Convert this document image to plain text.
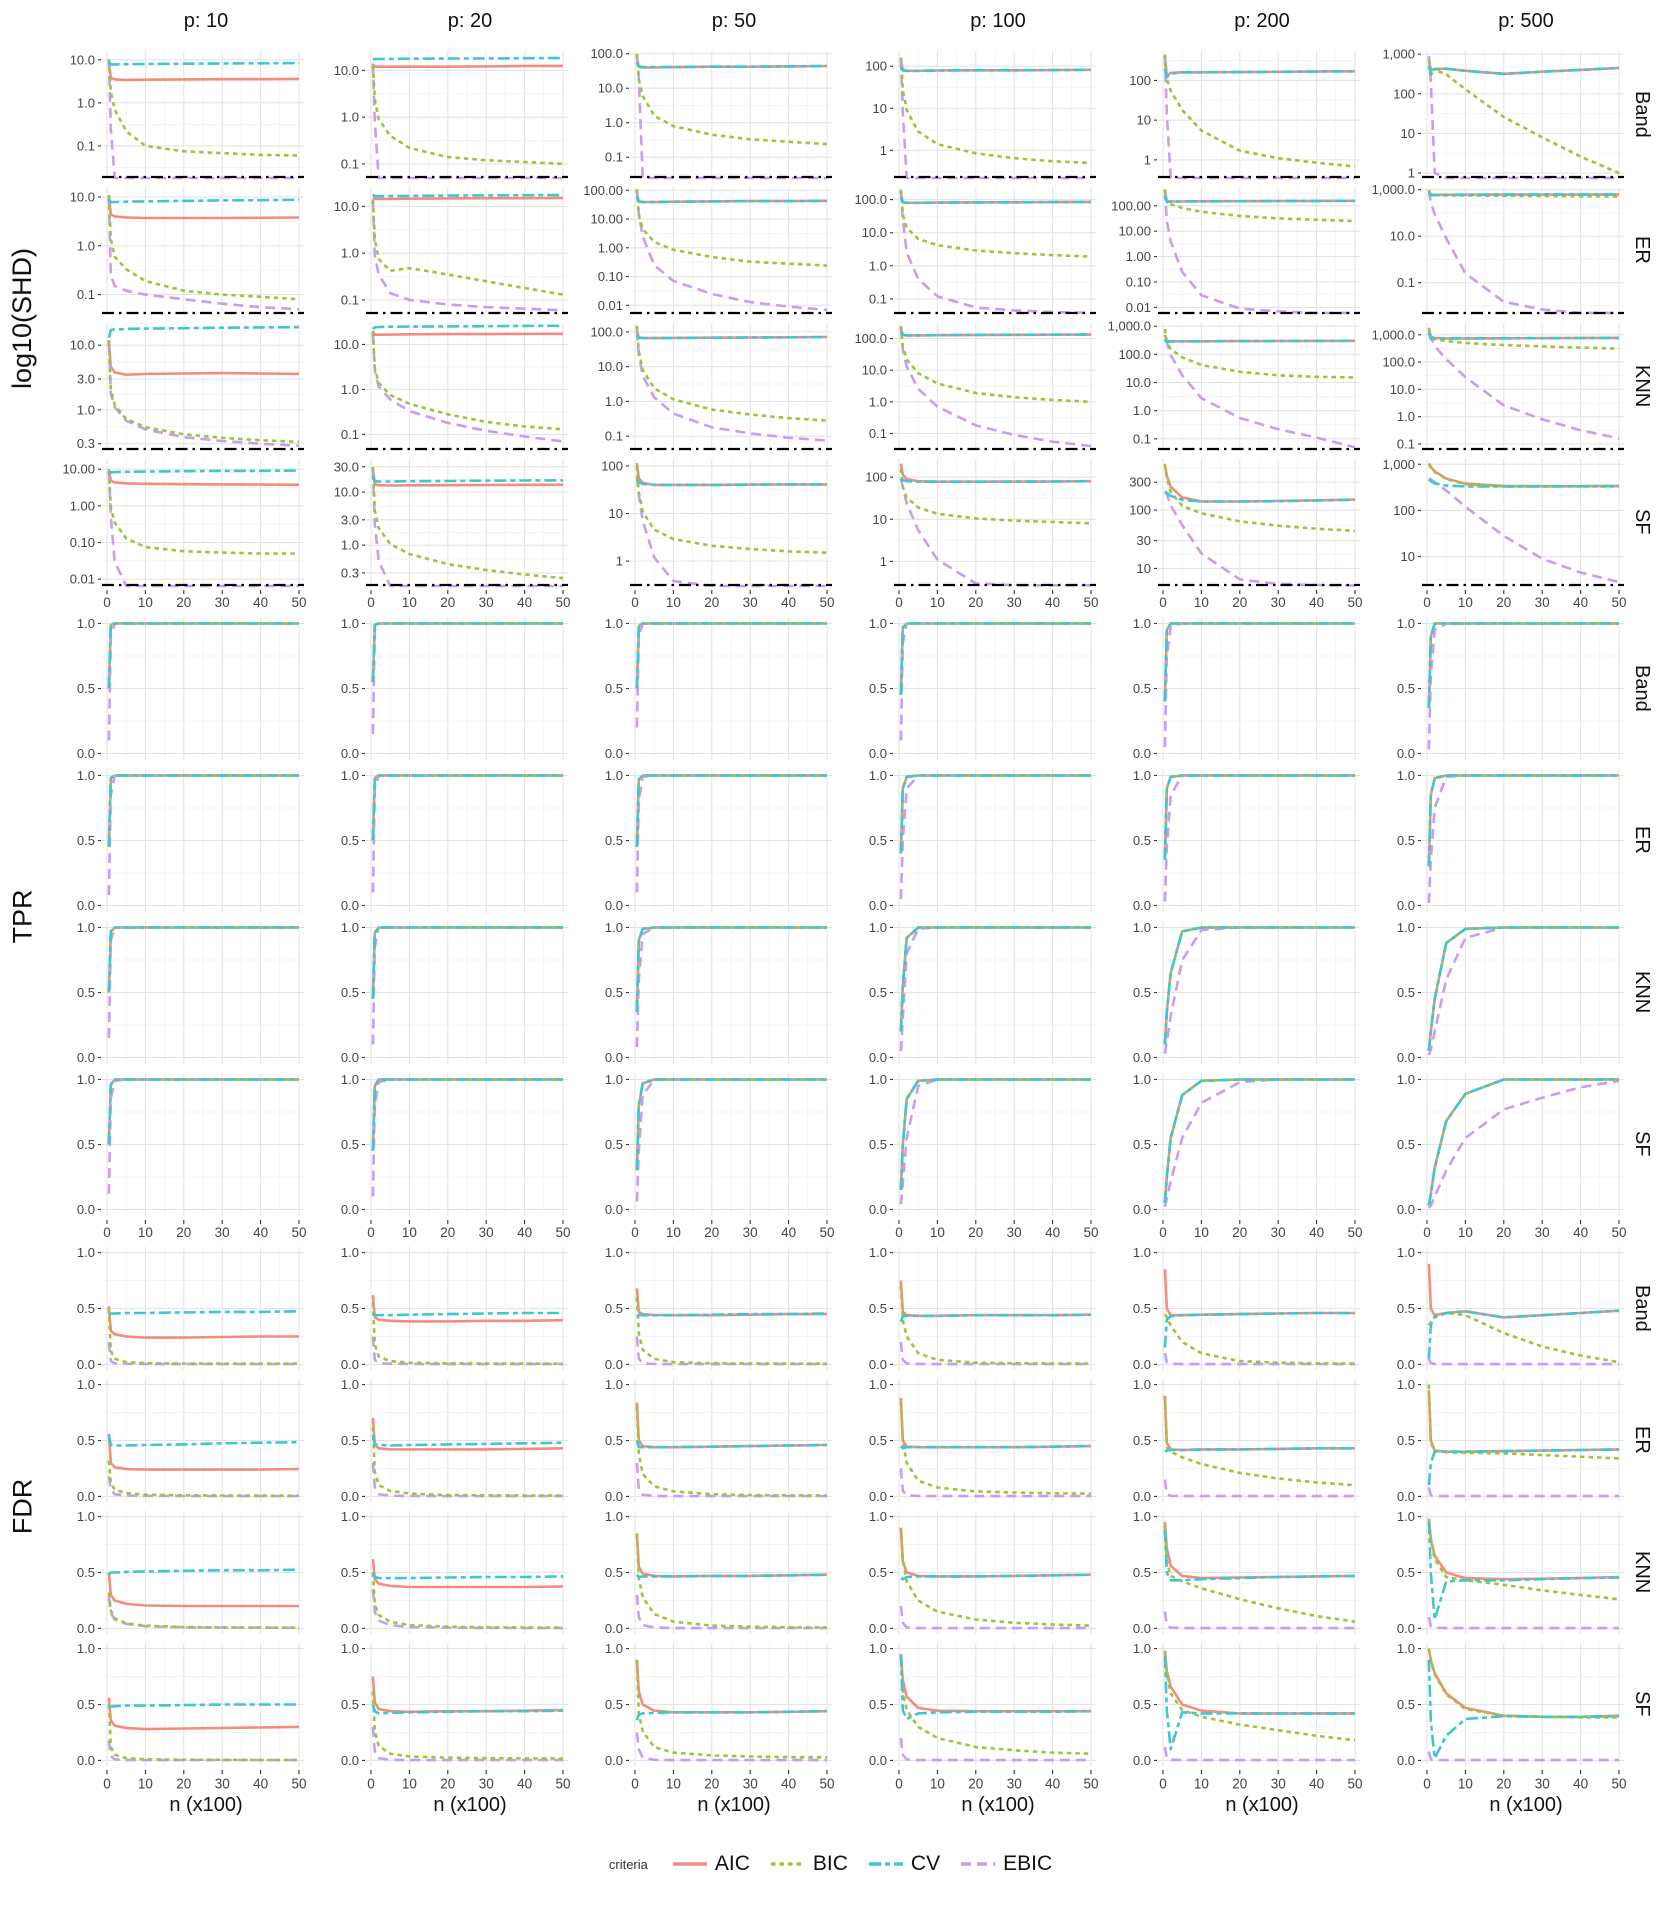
p: 10	p: 20	p: 50	p: 100	p: 200	p: 500
log10(SHD)
10.0
1.0
0.1
10.0
1.0
0.1
100.0
10.0
1.0
0.1
100
10
1
100
10
1
1,000
100
10
1
Band
10.0
1.0
0.1
10.0
1.0
0.1
100.00
10.00
1.00
0.10
0.01
100.0
10.0
1.0
0.1
100.00
10.00
1.00
0.10
0.01
1,000.0
10.0
0.1
ER
10.0
3.0
1.0
0.3
10.0
1.0
0.1
100.0
10.0
1.0
0.1
100.0
10.0
1.0
0.1
1,000.0
100.0
10.0
1.0
0.1
1,000.0
100.0
10.0
1.0
0.1
KNN
10.00
1.00
0.10
0.01
30.0
10.0
3.0
1.0
0.3
100
10
1
100
10
1
300
100
30
10
1,000
100
10
SF
0 10 20 30 40 50	0 10 20 30 40 50	0 10 20 30 40 50	0 10 20 30 40 50	0 10 20 30 40 50	0 10 20 30 40 50
TPR
1.0
0.5
0.0
1.0
0.5
0.0
1.0
0.5
0.0
1.0
0.5
0.0
1.0
0.5
0.0
1.0
0.5
0.0
Band
1.0
0.5
0.0
1.0
0.5
0.0
1.0
0.5
0.0
1.0
0.5
0.0
1.0
0.5
0.0
1.0
0.5
0.0
ER
1.0
0.5
0.0
1.0
0.5
0.0
1.0
0.5
0.0
1.0
0.5
0.0
1.0
0.5
0.0
1.0
0.5
0.0
KNN
1.0
0.5
0.0
1.0
0.5
0.0
1.0
0.5
0.0
1.0
0.5
0.0
1.0
0.5
0.0
1.0
0.5
0.0
SF
0 10 20 30 40 50	0 10 20 30 40 50	0 10 20 30 40 50	0 10 20 30 40 50	0 10 20 30 40 50	0 10 20 30 40 50
FDR
1.0
0.5
0.0
1.0
0.5
0.0
1.0
0.5
0.0
1.0
0.5
0.0
1.0
0.5
0.0
1.0
0.5
0.0
Band
1.0
0.5
0.0
1.0
0.5
0.0
1.0
0.5
0.0
1.0
0.5
0.0
1.0
0.5
0.0
1.0
0.5
0.0
ER
1.0
0.5
0.0
1.0
0.5
0.0
1.0
0.5
0.0
1.0
0.5
0.0
1.0
0.5
0.0
1.0
0.5
0.0
KNN
1.0
0.5
0.0
1.0
0.5
0.0
1.0
0.5
0.0
1.0
0.5
0.0
1.0
0.5
0.0
1.0
0.5
0.0
SF
0 10 20 30 40 50	0 10 20 30 40 50	0 10 20 30 40 50	0 10 20 30 40 50	0 10 20 30 40 50	0 10 20 30 40 50
n (x100)	n (x100)	n (x100)	n (x100)	n (x100)	n (x100)
criteria	AIC	BIC	CV	EBIC
